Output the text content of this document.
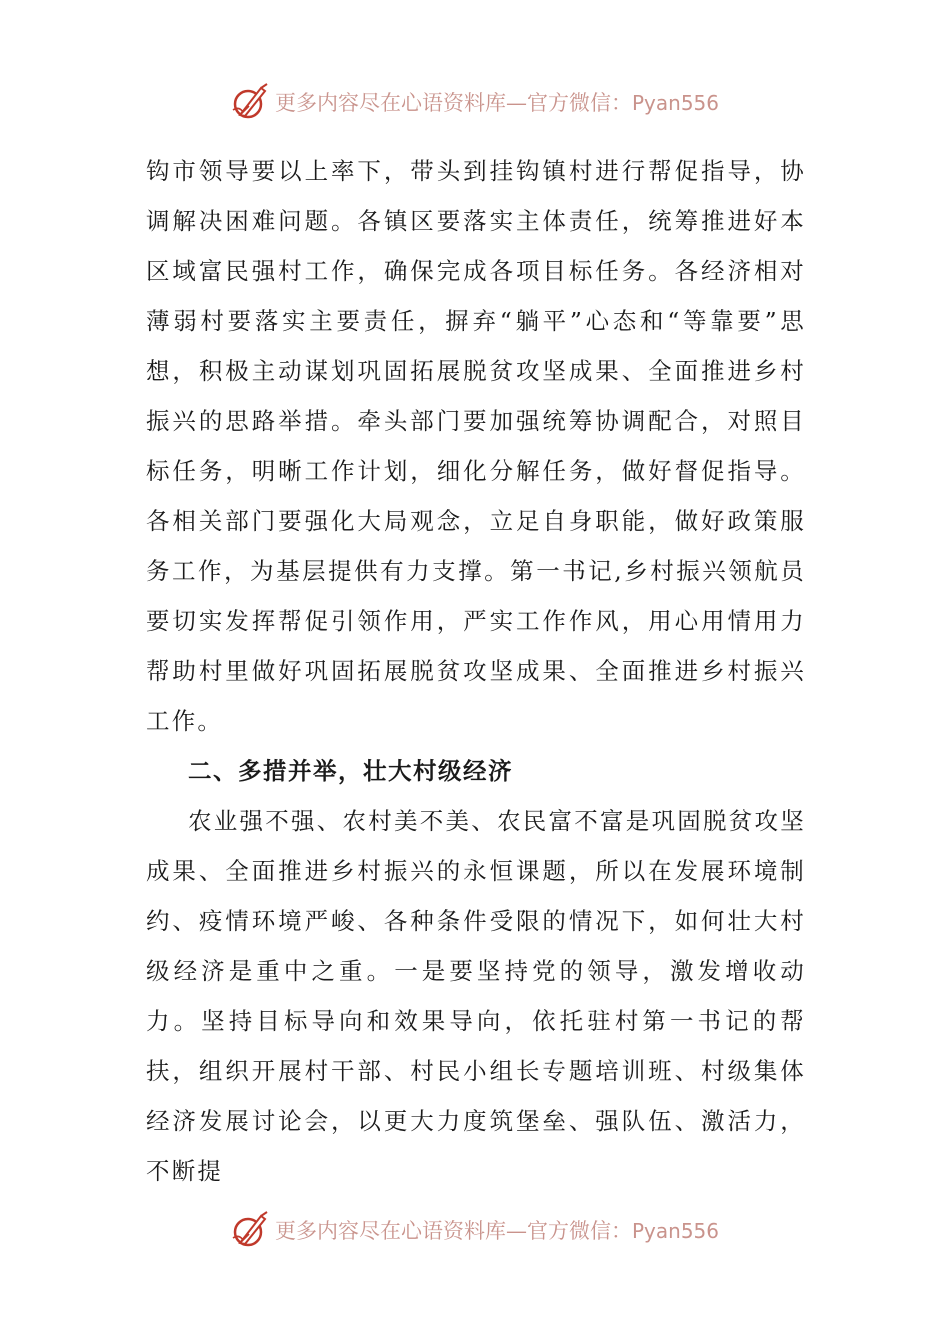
更多内容尽在心语资料库—官方微信：Pyan556

钩市领导要以上率下，带头到挂钩镇村进行帮促指导，协调解决困难问题。各镇区要落实主体责任，统筹推进好本区域富民强村工作，确保完成各项目标任务。各经济相对薄弱村要落实主要责任，摒弃“躺平”心态和“等靠要”思想，积极主动谋划巩固拓展脱贫攻坚成果、全面推进乡村振兴的思路举措。牵头部门要加强统筹协调配合，对照目标任务，明晰工作计划，细化分解任务，做好督促指导。各相关部门要强化大局观念，立足自身职能，做好政策服务工作，为基层提供有力支撑。第一书记,乡村振兴领航员要切实发挥帮促引领作用，严实工作作风，用心用情用力帮助村里做好巩固拓展脱贫攻坚成果、全面推进乡村振兴工作。

二、多措并举，壮大村级经济

农业强不强、农村美不美、农民富不富是巩固脱贫攻坚成果、全面推进乡村振兴的永恒课题，所以在发展环境制约、疫情环境严峻、各种条件受限的情况下，如何壮大村级经济是重中之重。一是要坚持党的领导，激发增收动力。坚持目标导向和效果导向，依托驻村第一书记的帮扶，组织开展村干部、村民小组长专题培训班、村级集体经济发展讨论会，以更大力度筑堡垒、强队伍、激活力，不断提

更多内容尽在心语资料库—官方微信：Pyan556
